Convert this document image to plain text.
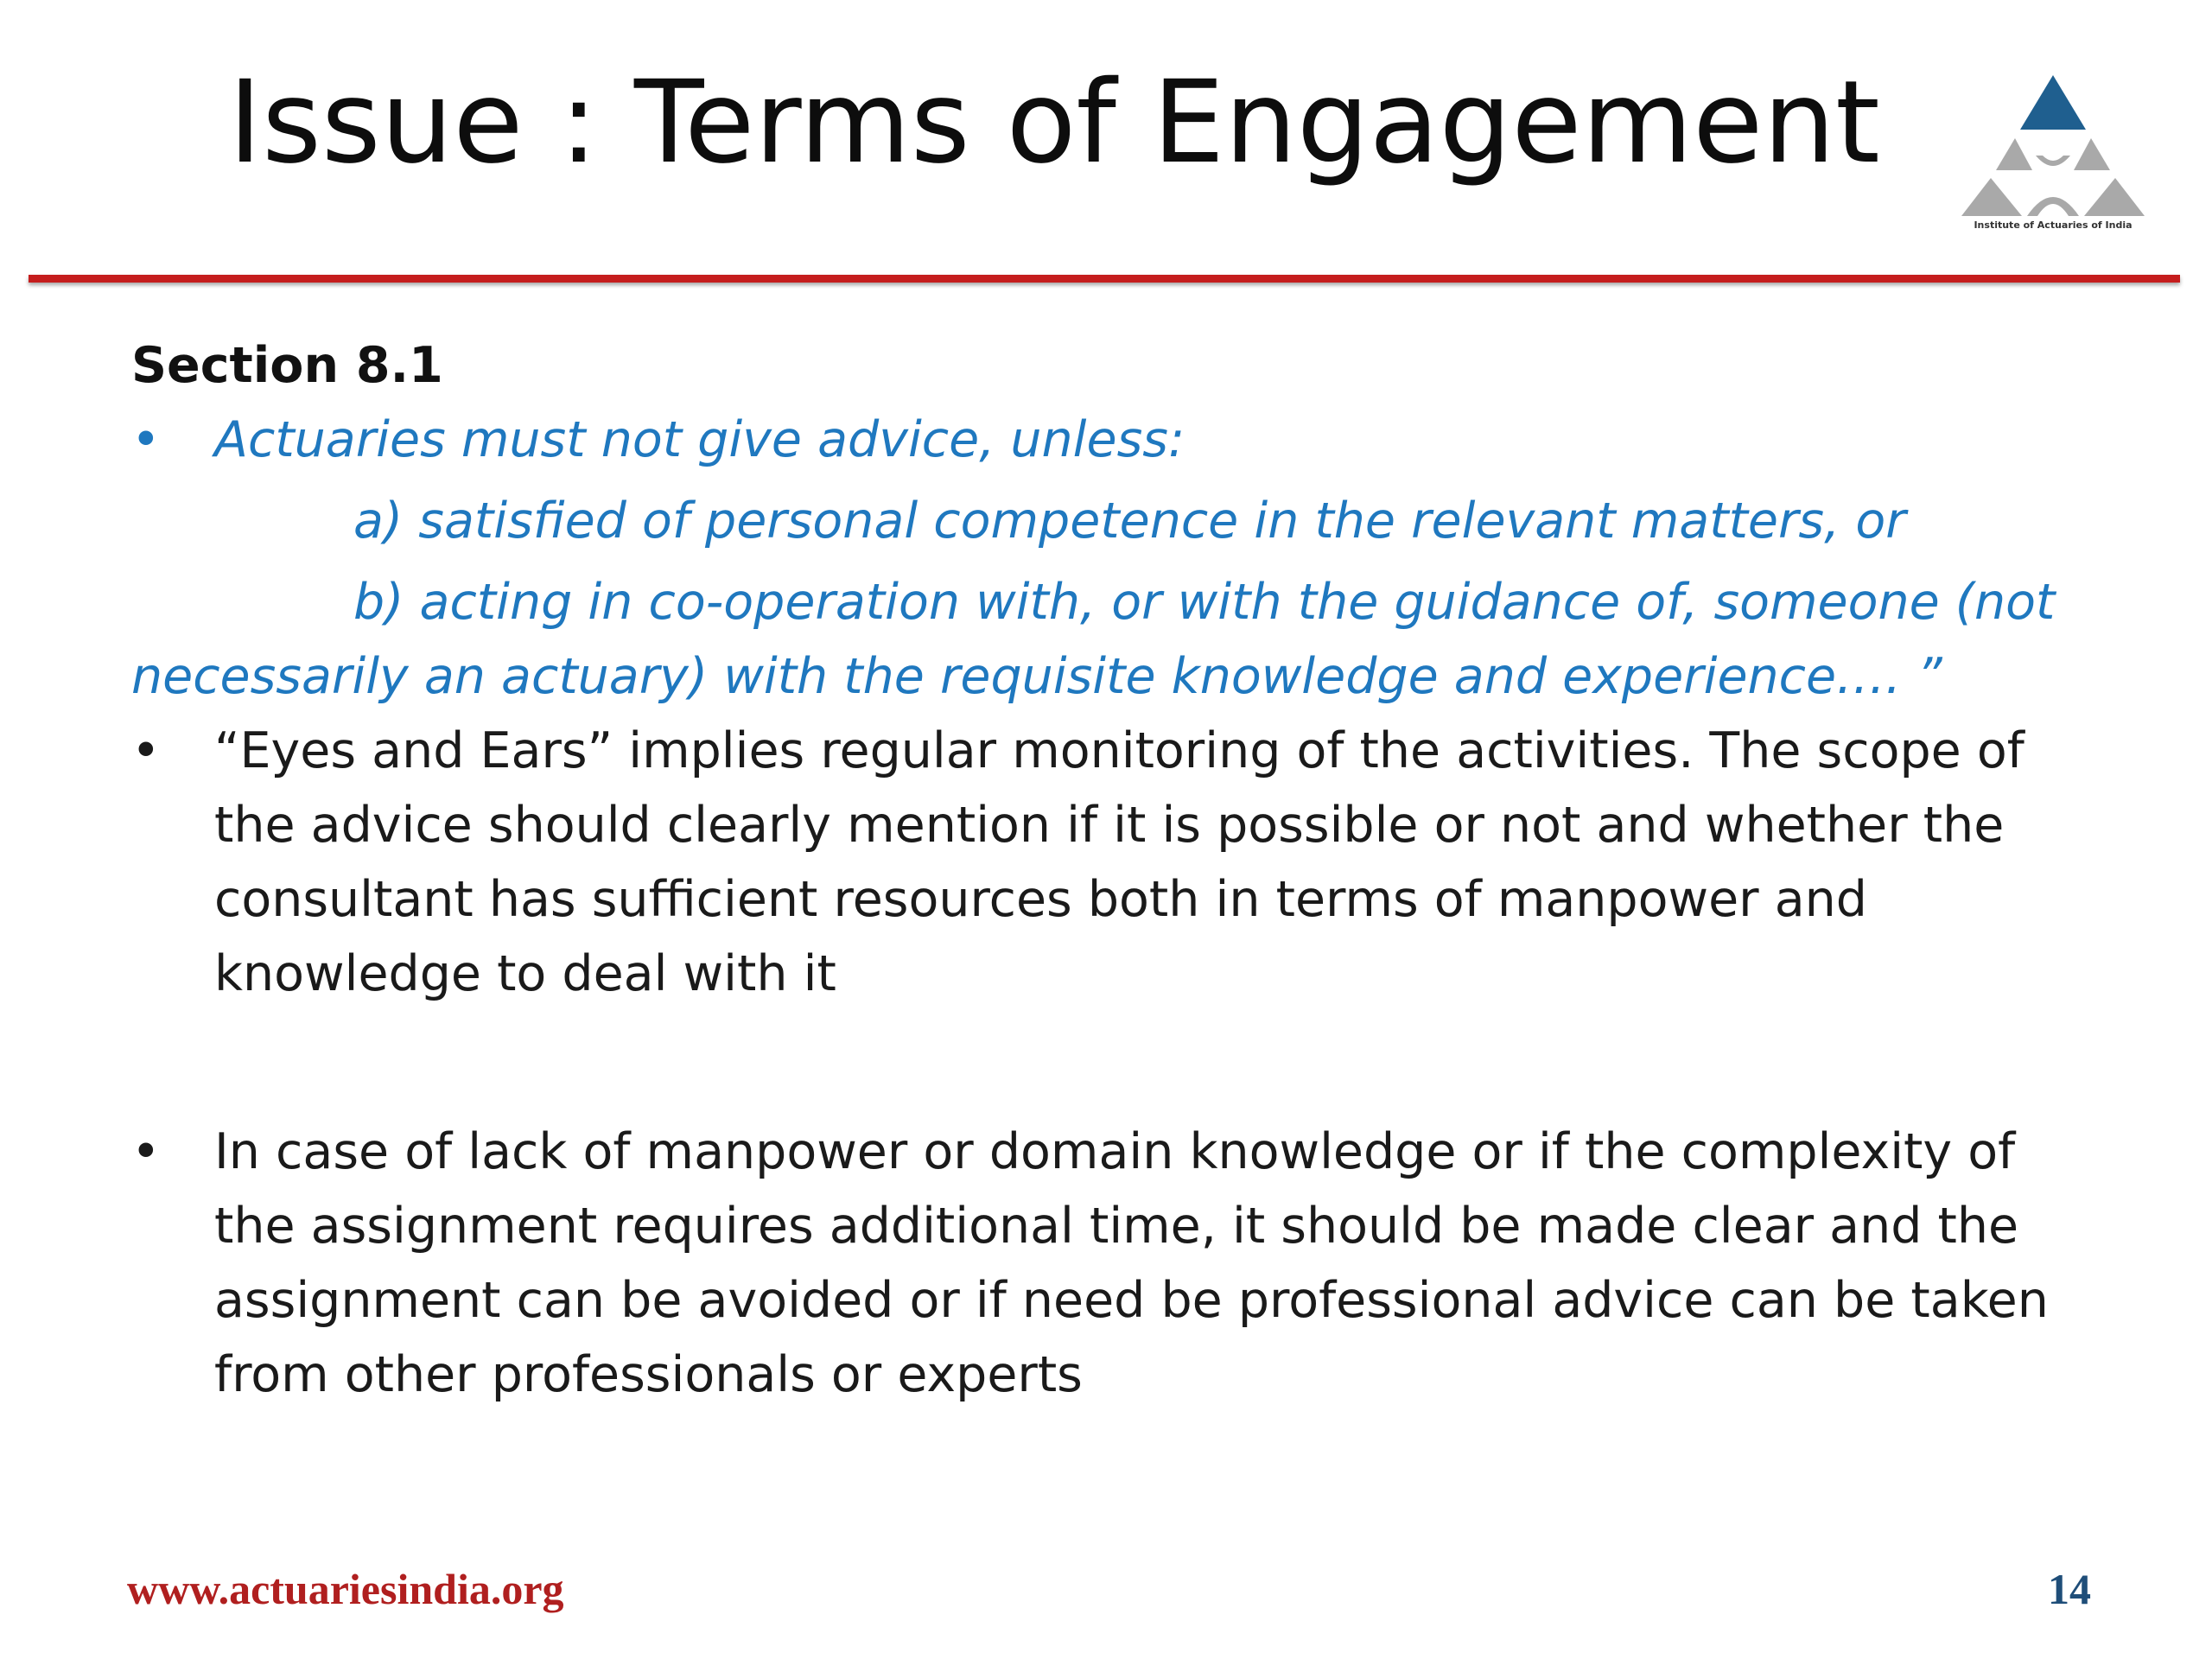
Issue : Terms of Engagement
Institute of Actuaries of India
Section 8.1
•	Actuaries must not give advice, unless:
a) satisfied of personal competence in the relevant matters, or
b) acting in co-operation with, or with the guidance of, someone (not necessarily an actuary) with the requisite knowledge and experience…. ”
•	“Eyes and Ears” implies regular monitoring of the activities. The scope of the advice should clearly mention if it is possible or not and whether the consultant has sufficient resources both in terms of manpower and knowledge to deal with it
•	In case of lack of manpower or domain knowledge or if the complexity of the assignment requires additional time, it should be made clear and the assignment can be avoided or if need be professional advice can be taken from other professionals or experts
www.actuariesindia.org	14
